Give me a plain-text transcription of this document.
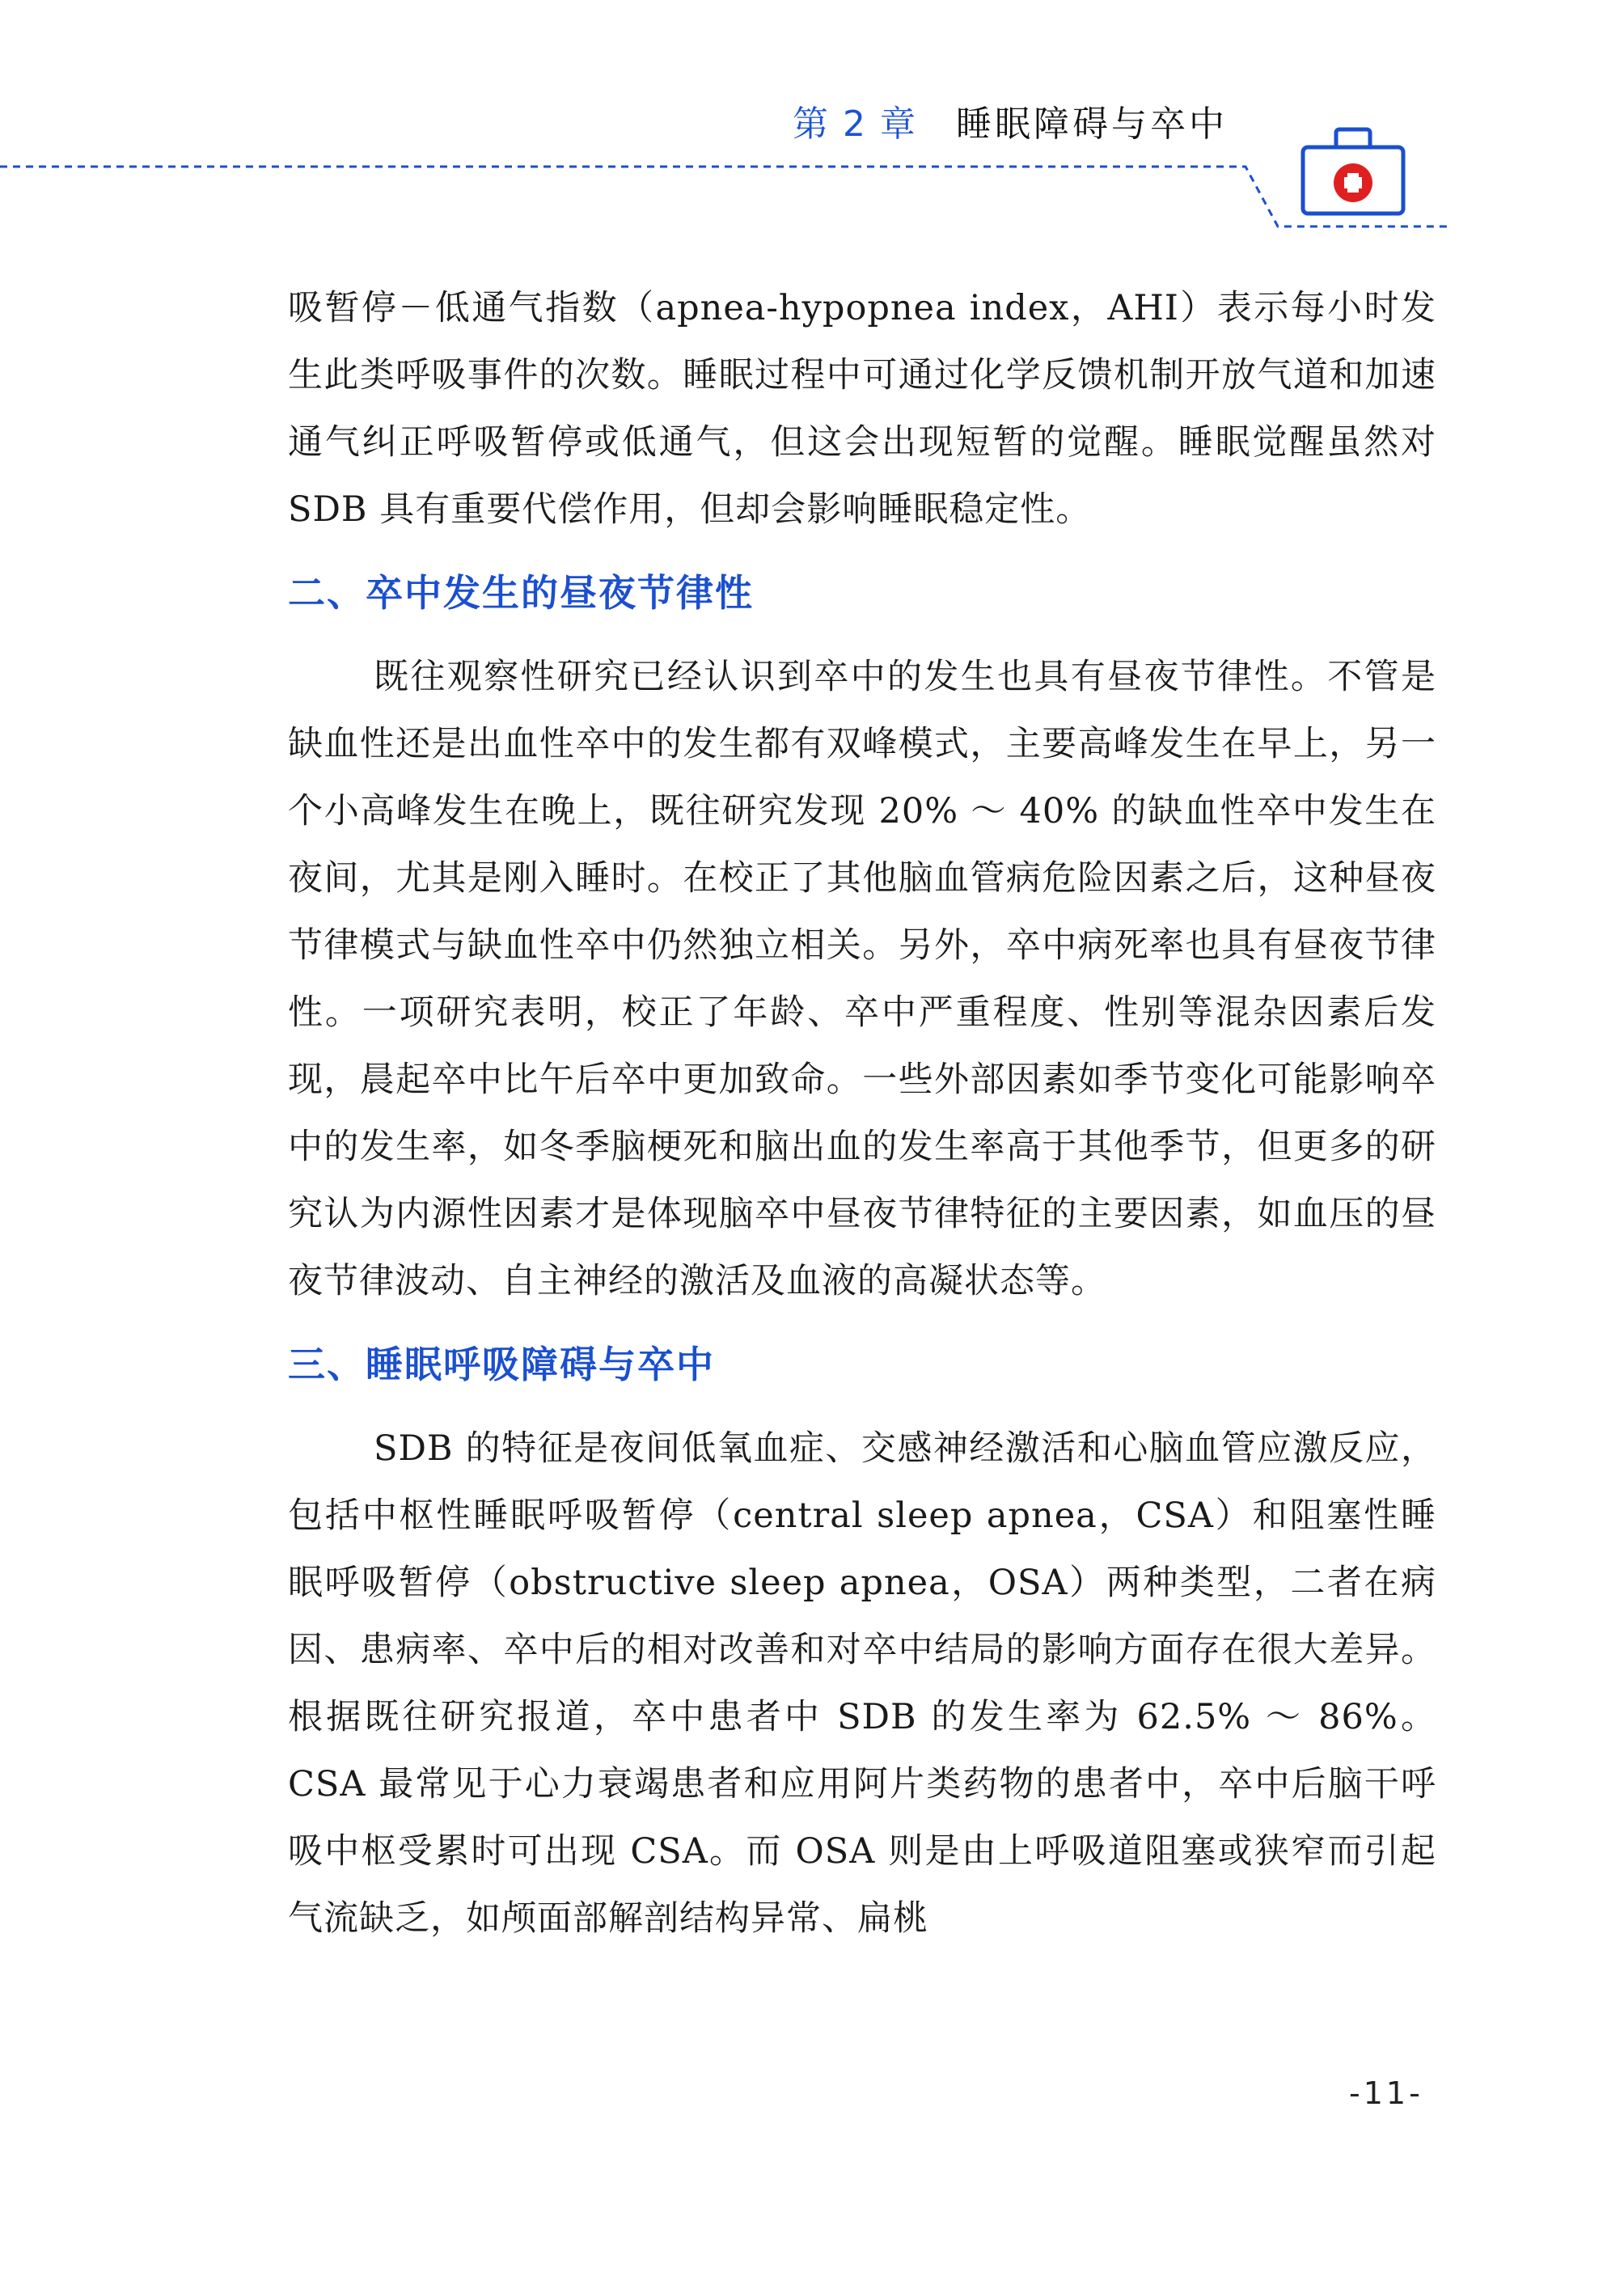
第 2 章 睡眠障碍与卒中

吸暂停－低通气指数（apnea-hypopnea index，AHI）表示每小时发生此类呼吸事件的次数。睡眠过程中可通过化学反馈机制开放气道和加速通气纠正呼吸暂停或低通气，但这会出现短暂的觉醒。睡眠觉醒虽然对 SDB 具有重要代偿作用，但却会影响睡眠稳定性。

二、卒中发生的昼夜节律性

既往观察性研究已经认识到卒中的发生也具有昼夜节律性。不管是缺血性还是出血性卒中的发生都有双峰模式，主要高峰发生在早上，另一个小高峰发生在晚上，既往研究发现 20% ～ 40% 的缺血性卒中发生在夜间，尤其是刚入睡时。在校正了其他脑血管病危险因素之后，这种昼夜节律模式与缺血性卒中仍然独立相关。另外，卒中病死率也具有昼夜节律性。一项研究表明，校正了年龄、卒中严重程度、性别等混杂因素后发现，晨起卒中比午后卒中更加致命。一些外部因素如季节变化可能影响卒中的发生率，如冬季脑梗死和脑出血的发生率高于其他季节，但更多的研究认为内源性因素才是体现脑卒中昼夜节律特征的主要因素，如血压的昼夜节律波动、自主神经的激活及血液的高凝状态等。

三、睡眠呼吸障碍与卒中

SDB 的特征是夜间低氧血症、交感神经激活和心脑血管应激反应，包括中枢性睡眠呼吸暂停（central sleep apnea，CSA）和阻塞性睡眠呼吸暂停（obstructive sleep apnea，OSA）两种类型，二者在病因、患病率、卒中后的相对改善和对卒中结局的影响方面存在很大差异。根据既往研究报道，卒中患者中 SDB 的发生率为 62.5% ～ 86%。CSA 最常见于心力衰竭患者和应用阿片类药物的患者中，卒中后脑干呼吸中枢受累时可出现 CSA。而 OSA 则是由上呼吸道阻塞或狭窄而引起气流缺乏，如颅面部解剖结构异常、扁桃

-11-
